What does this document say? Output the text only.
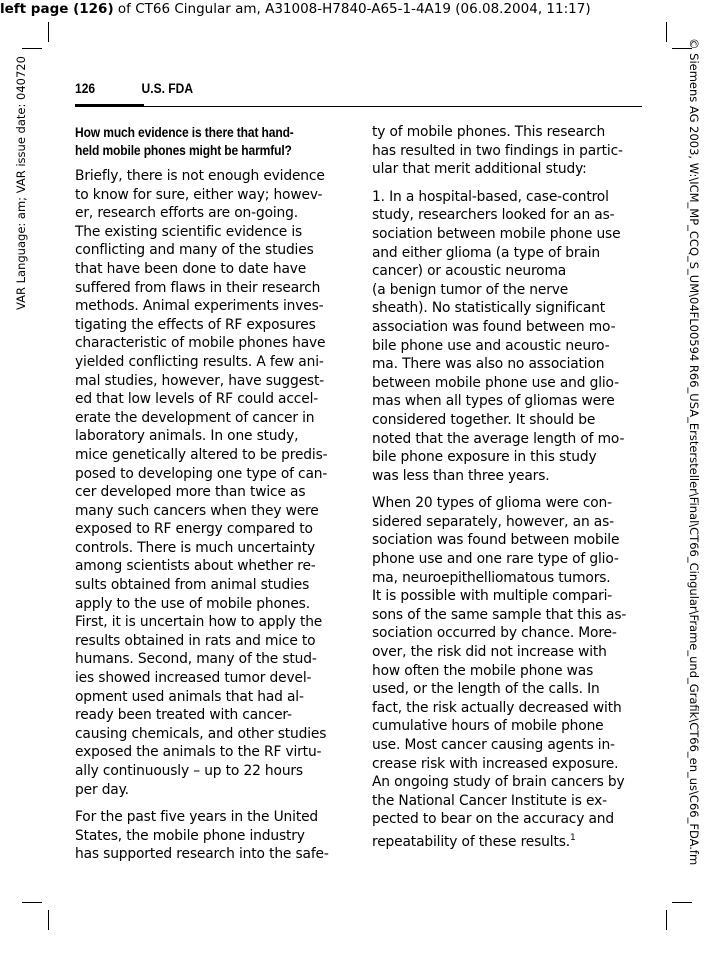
left page (126) of CT66 Cingular am, A31008-H7840-A65-1-4A19 (06.08.2004, 11:17)
VAR Language: am; VAR issue date: 040720	© Siemens AG 2003, W:\ICM_MP_CCQ_S_UM\04FL00594 R66_USA_Erstersteller\Final\CT66_Cingular\Frame_und_Grafik\CT66_en_us\C66_FDA.fm
126	U.S. FDA
How much evidence is there that hand-
held mobile phones might be harmful?

Briefly, there is not enough evidence
to know for sure, either way; howev-
er, research efforts are on-going.
The existing scientific evidence is
conflicting and many of the studies
that have been done to date have
suffered from flaws in their research
methods. Animal experiments inves-
tigating the effects of RF exposures
characteristic of mobile phones have
yielded conflicting results. A few ani-
mal studies, however, have suggest-
ed that low levels of RF could accel-
erate the development of cancer in
laboratory animals. In one study,
mice genetically altered to be predis-
posed to developing one type of can-
cer developed more than twice as
many such cancers when they were
exposed to RF energy compared to
controls. There is much uncertainty
among scientists about whether re-
sults obtained from animal studies
apply to the use of mobile phones.
First, it is uncertain how to apply the
results obtained in rats and mice to
humans. Second, many of the stud-
ies showed increased tumor devel-
opment used animals that had al-
ready been treated with cancer-
causing chemicals, and other studies
exposed the animals to the RF virtu-
ally continuously – up to 22 hours
per day.

For the past five years in the United
States, the mobile phone industry
has supported research into the safe-

ty of mobile phones. This research
has resulted in two findings in partic-
ular that merit additional study:

1. In a hospital-based, case-control
study, researchers looked for an as-
sociation between mobile phone use
and either glioma (a type of brain
cancer) or acoustic neuroma
(a benign tumor of the nerve
sheath). No statistically significant
association was found between mo-
bile phone use and acoustic neuro-
ma. There was also no association
between mobile phone use and glio-
mas when all types of gliomas were
considered together. It should be
noted that the average length of mo-
bile phone exposure in this study
was less than three years.

When 20 types of glioma were con-
sidered separately, however, an as-
sociation was found between mobile
phone use and one rare type of glio-
ma, neuroepithelliomatous tumors.
It is possible with multiple compari-
sons of the same sample that this as-
sociation occurred by chance. More-
over, the risk did not increase with
how often the mobile phone was
used, or the length of the calls. In
fact, the risk actually decreased with
cumulative hours of mobile phone
use. Most cancer causing agents in-
crease risk with increased exposure.
An ongoing study of brain cancers by
the National Cancer Institute is ex-
pected to bear on the accuracy and
repeatability of these results.$^1$
